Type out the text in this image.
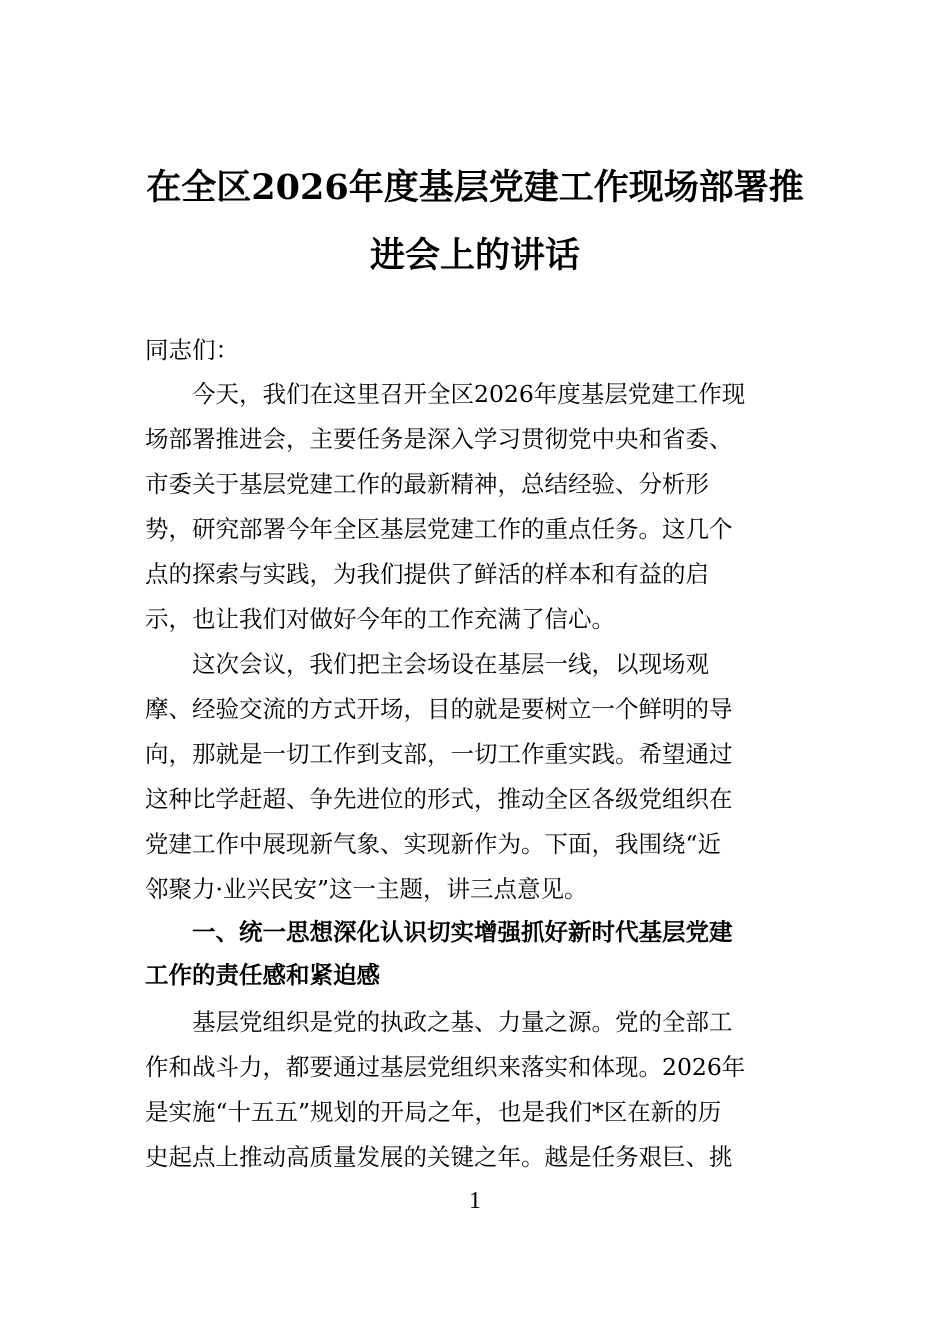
在全区2026年度基层党建工作现场部署推
进会上的讲话
同志们：
今天，我们在这里召开全区2026年度基层党建工作现
场部署推进会，主要任务是深入学习贯彻党中央和省委、
市委关于基层党建工作的最新精神，总结经验、分析形
势，研究部署今年全区基层党建工作的重点任务。这几个
点的探索与实践，为我们提供了鲜活的样本和有益的启
示，也让我们对做好今年的工作充满了信心。
这次会议，我们把主会场设在基层一线，以现场观
摩、经验交流的方式开场，目的就是要树立一个鲜明的导
向，那就是一切工作到支部，一切工作重实践。希望通过
这种比学赶超、争先进位的形式，推动全区各级党组织在
党建工作中展现新气象、实现新作为。下面，我围绕“近
邻聚力·业兴民安”这一主题，讲三点意见。
一、统一思想深化认识切实增强抓好新时代基层党建
工作的责任感和紧迫感
基层党组织是党的执政之基、力量之源。党的全部工
作和战斗力，都要通过基层党组织来落实和体现。2026年
是实施“十五五”规划的开局之年，也是我们*区在新的历
史起点上推动高质量发展的关键之年。越是任务艰巨、挑
1
